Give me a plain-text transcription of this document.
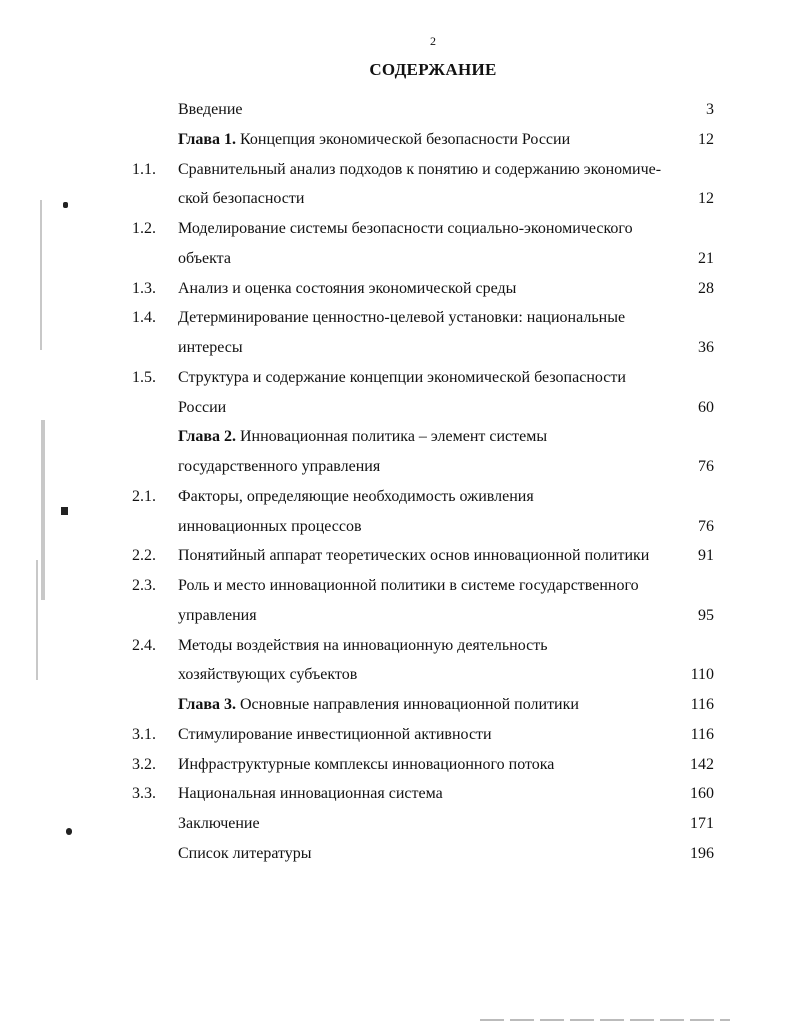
2
СОДЕРЖАНИЕ
Введение	3
Глава 1. Концепция экономической безопасности России	12
1.1. Сравнительный анализ подходов к понятию и содержанию экономиче-
ской безопасности	12
1.2. Моделирование системы безопасности социально-экономического
объекта	21
1.3. Анализ и оценка состояния экономической среды	28
1.4. Детерминирование ценностно-целевой установки: национальные
интересы	36
1.5. Структура и содержание концепции экономической безопасности
России	60
Глава 2. Инновационная политика – элемент системы
государственного управления	76
2.1. Факторы, определяющие необходимость оживления
инновационных процессов	76
2.2. Понятийный аппарат теоретических основ инновационной политики	91
2.3. Роль и место инновационной политики в системе государственного
управления	95
2.4. Методы воздействия на инновационную деятельность
хозяйствующих субъектов	110
Глава 3. Основные направления инновационной политики	116
3.1. Стимулирование инвестиционной активности	116
3.2. Инфраструктурные комплексы инновационного потока	142
3.3. Национальная инновационная система	160
Заключение	171
Список литературы	196
